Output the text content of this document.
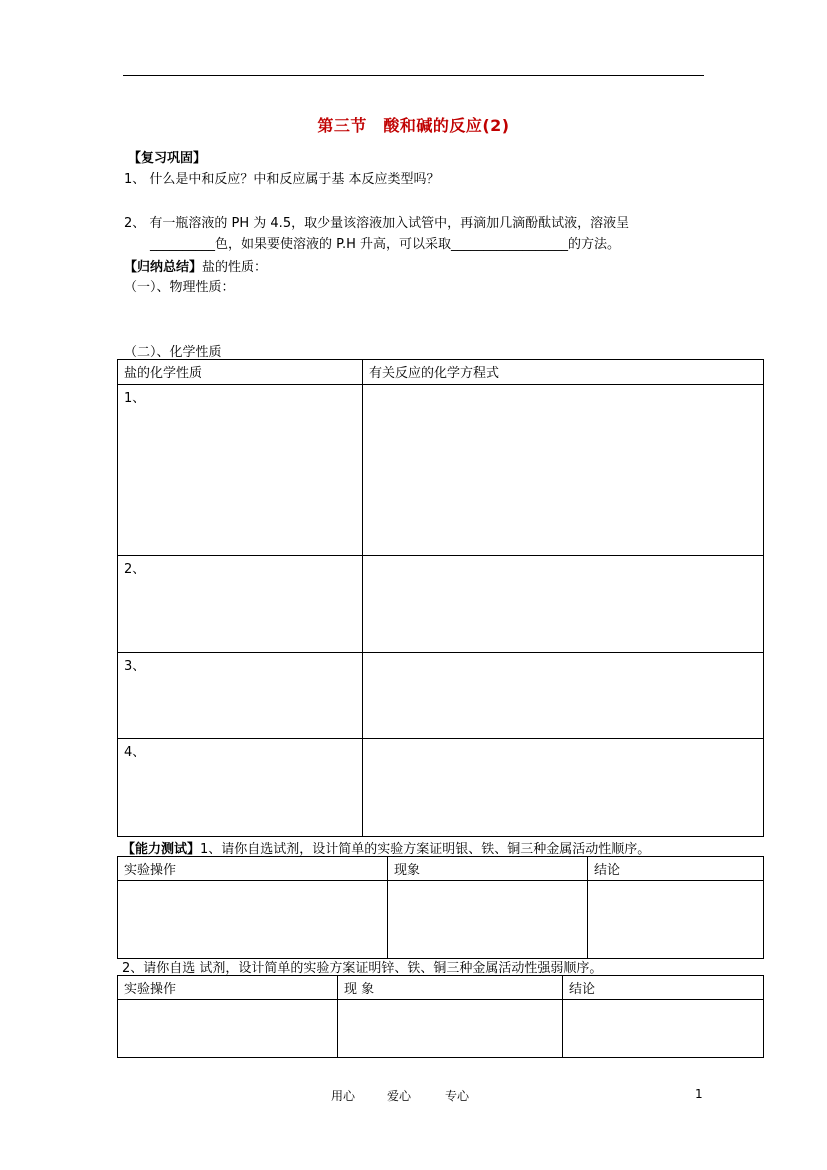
第三节　酸和碱的反应(2)
【复习巩固】
1、 什么是中和反应？中和反应属于基 本反应类型吗？
2、 有一瓶溶液的 PH 为 4.5，取少量该溶液加入试管中，再滴加几滴酚酞试液，溶液呈
__________色，如果要使溶液的 P.H 升高，可以采取__________________的方法。
【归纳总结】盐的性质：
（一）、物理性质：
（二）、化学性质
盐的化学性质	有关反应的化学方程式
1、	
2、	
3、	
4、	
【能力测试】1、请你自选试剂，设计简单的实验方案证明银、铁、铜三种金属活动性顺序。
实验操作	现象	结论

2、请你自选 试剂，设计简单的实验方案证明锌、铁、铜三种金属活动性强弱顺序。
实验操作	现 象	结论

用心	爱心	专心	1
